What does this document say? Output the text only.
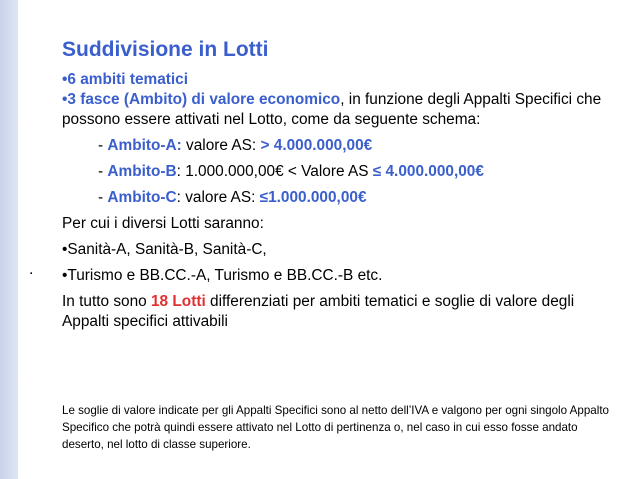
.
Suddivisione in Lotti

•6 ambiti tematici

•3 fasce (Ambito) di valore economico, in funzione degli Appalti Specifici che possono essere attivati nel Lotto, come da seguente schema:

- Ambito-A: valore AS: > 4.000.000,00€

- Ambito-B: 1.000.000,00€ < Valore AS ≤ 4.000.000,00€

- Ambito-C: valore AS: ≤1.000.000,00€

Per cui i diversi Lotti saranno:

•Sanità-A, Sanità-B, Sanità-C,

•Turismo e BB.CC.-A, Turismo e BB.CC.-B etc.

In tutto sono 18 Lotti differenziati per ambiti tematici e soglie di valore degli Appalti specifici attivabili

Le soglie di valore indicate per gli Appalti Specifici sono al netto dell’IVA e valgono per ogni singolo Appalto Specifico che potrà quindi essere attivato nel Lotto di pertinenza o, nel caso in cui esso fosse andato deserto, nel lotto di classe superiore.
